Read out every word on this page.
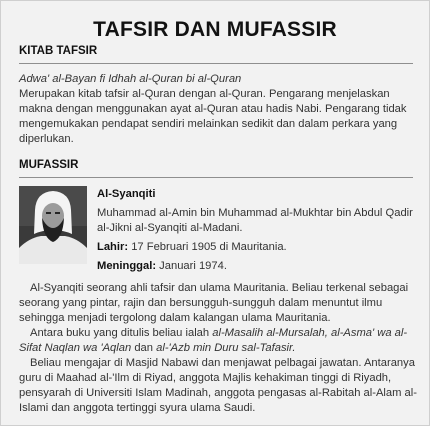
TAFSIR DAN MUFASSIR
KITAB TAFSIR
Adwa' al-Bayan fi Idhah al-Quran bi al-Quran
Merupakan kitab tafsir al-Quran dengan al-Quran. Pengarang menjelaskan makna dengan menggunakan ayat al-Quran atau hadis Nabi. Pengarang tidak mengemukakan pendapat sendiri melainkan sedikit dan dalam perkara yang diperlukan.
MUFASSIR
Al-Syanqiti
Muhammad al-Amin bin Muhammad al-Mukhtar bin Abdul Qadir al-Jikni al-Syanqiti al-Madani.
Lahir: 17 Februari 1905 di Mauritania.
Meninggal: Januari 1974.

Al-Syanqiti seorang ahli tafsir dan ulama Mauritania. Beliau terkenal sebagai seorang yang pintar, rajin dan bersungguh-sungguh dalam menuntut ilmu sehingga menjadi tergolong dalam kalangan ulama Mauritania.

Antara buku yang ditulis beliau ialah al-Masalih al-Mursalah, al-Asma' wa al-Sifat Naqlan wa 'Aqlan dan al-'Azb min Duru sal-Tafasir.

Beliau mengajar di Masjid Nabawi dan menjawat pelbagai jawatan. Antaranya guru di Maahad al-'Ilm di Riyad, anggota Majlis kehakiman tinggi di Riyadh, pensyarah di Universiti Islam Madinah, anggota pengasas al-Rabitah al-Alam al-Islami dan anggota tertinggi syura ulama Saudi.
